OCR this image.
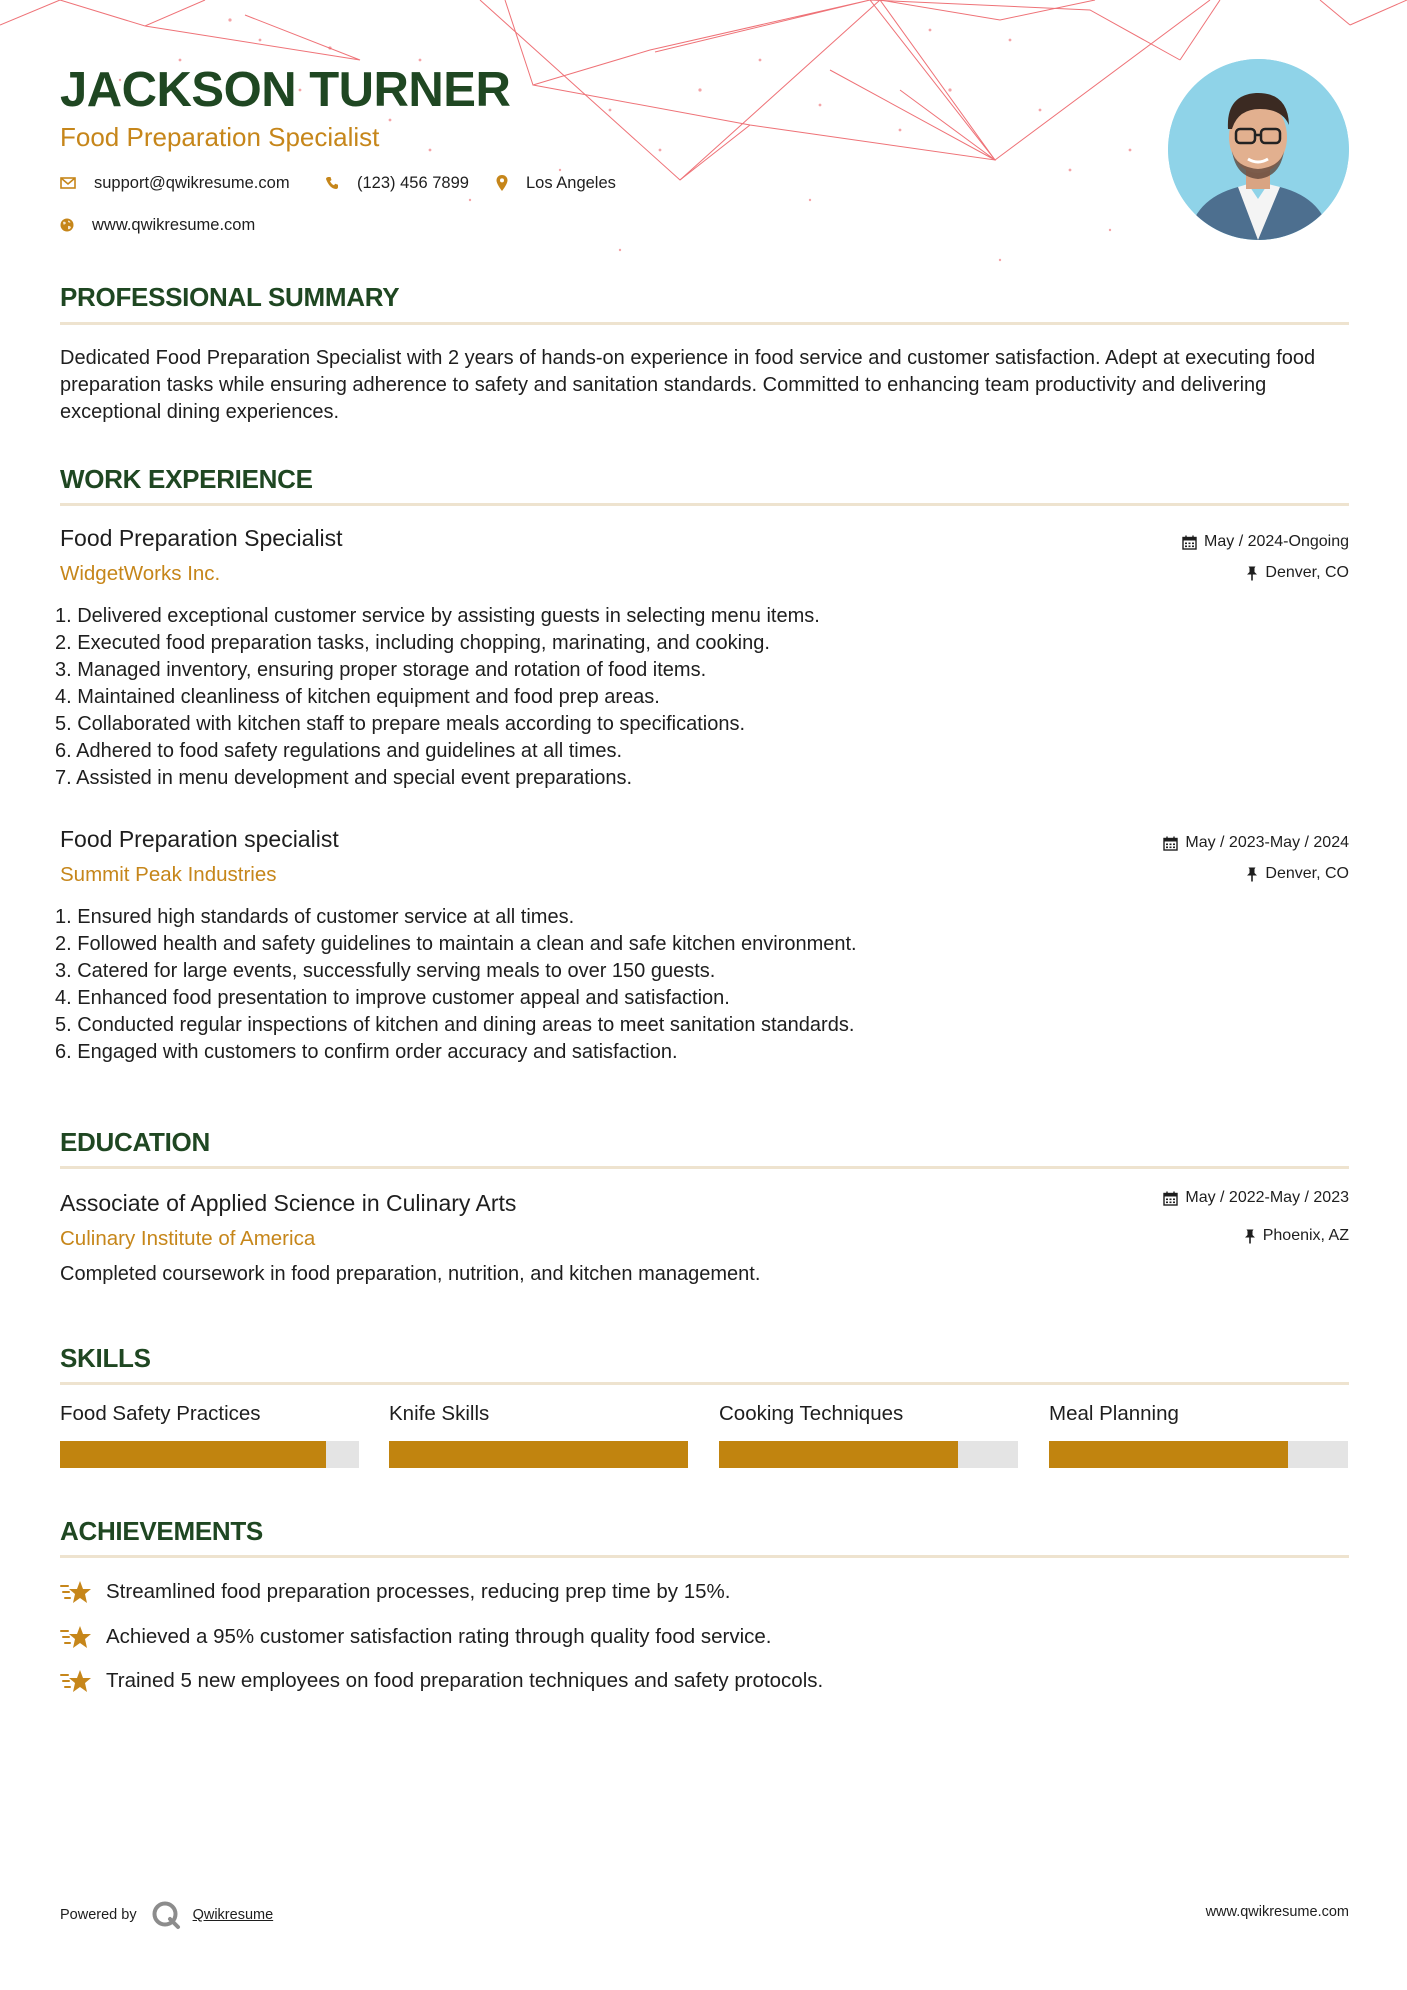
JACKSON TURNER
Food Preparation Specialist
support@qwikresume.com	(123) 456 7899	Los Angeles
www.qwikresume.com
PROFESSIONAL SUMMARY

Dedicated Food Preparation Specialist with 2 years of hands-on experience in food service and customer satisfaction. Adept at executing food preparation tasks while ensuring adherence to safety and sanitation standards. Committed to enhancing team productivity and delivering exceptional dining experiences.

WORK EXPERIENCE
Food Preparation Specialist
WidgetWorks Inc.
May / 2024-Ongoing
Denver, CO
1. Delivered exceptional customer service by assisting guests in selecting menu items.
2. Executed food preparation tasks, including chopping, marinating, and cooking.
3. Managed inventory, ensuring proper storage and rotation of food items.
4. Maintained cleanliness of kitchen equipment and food prep areas.
5. Collaborated with kitchen staff to prepare meals according to specifications.
6. Adhered to food safety regulations and guidelines at all times.
7. Assisted in menu development and special event preparations.
Food Preparation specialist
Summit Peak Industries
May / 2023-May / 2024
Denver, CO
1. Ensured high standards of customer service at all times.
2. Followed health and safety guidelines to maintain a clean and safe kitchen environment.
3. Catered for large events, successfully serving meals to over 150 guests.
4. Enhanced food presentation to improve customer appeal and satisfaction.
5. Conducted regular inspections of kitchen and dining areas to meet sanitation standards.
6. Engaged with customers to confirm order accuracy and satisfaction.
EDUCATION
Associate of Applied Science in Culinary Arts
Culinary Institute of America
May / 2022-May / 2023
Phoenix, AZ

Completed coursework in food preparation, nutrition, and kitchen management.

SKILLS
Food Safety Practices	Knife Skills	Cooking Techniques	Meal Planning
ACHIEVEMENTS
Streamlined food preparation processes, reducing prep time by 15%.
Achieved a 95% customer satisfaction rating through quality food service.
Trained 5 new employees on food preparation techniques and safety protocols.
Powered by	Qwikresume	www.qwikresume.com
